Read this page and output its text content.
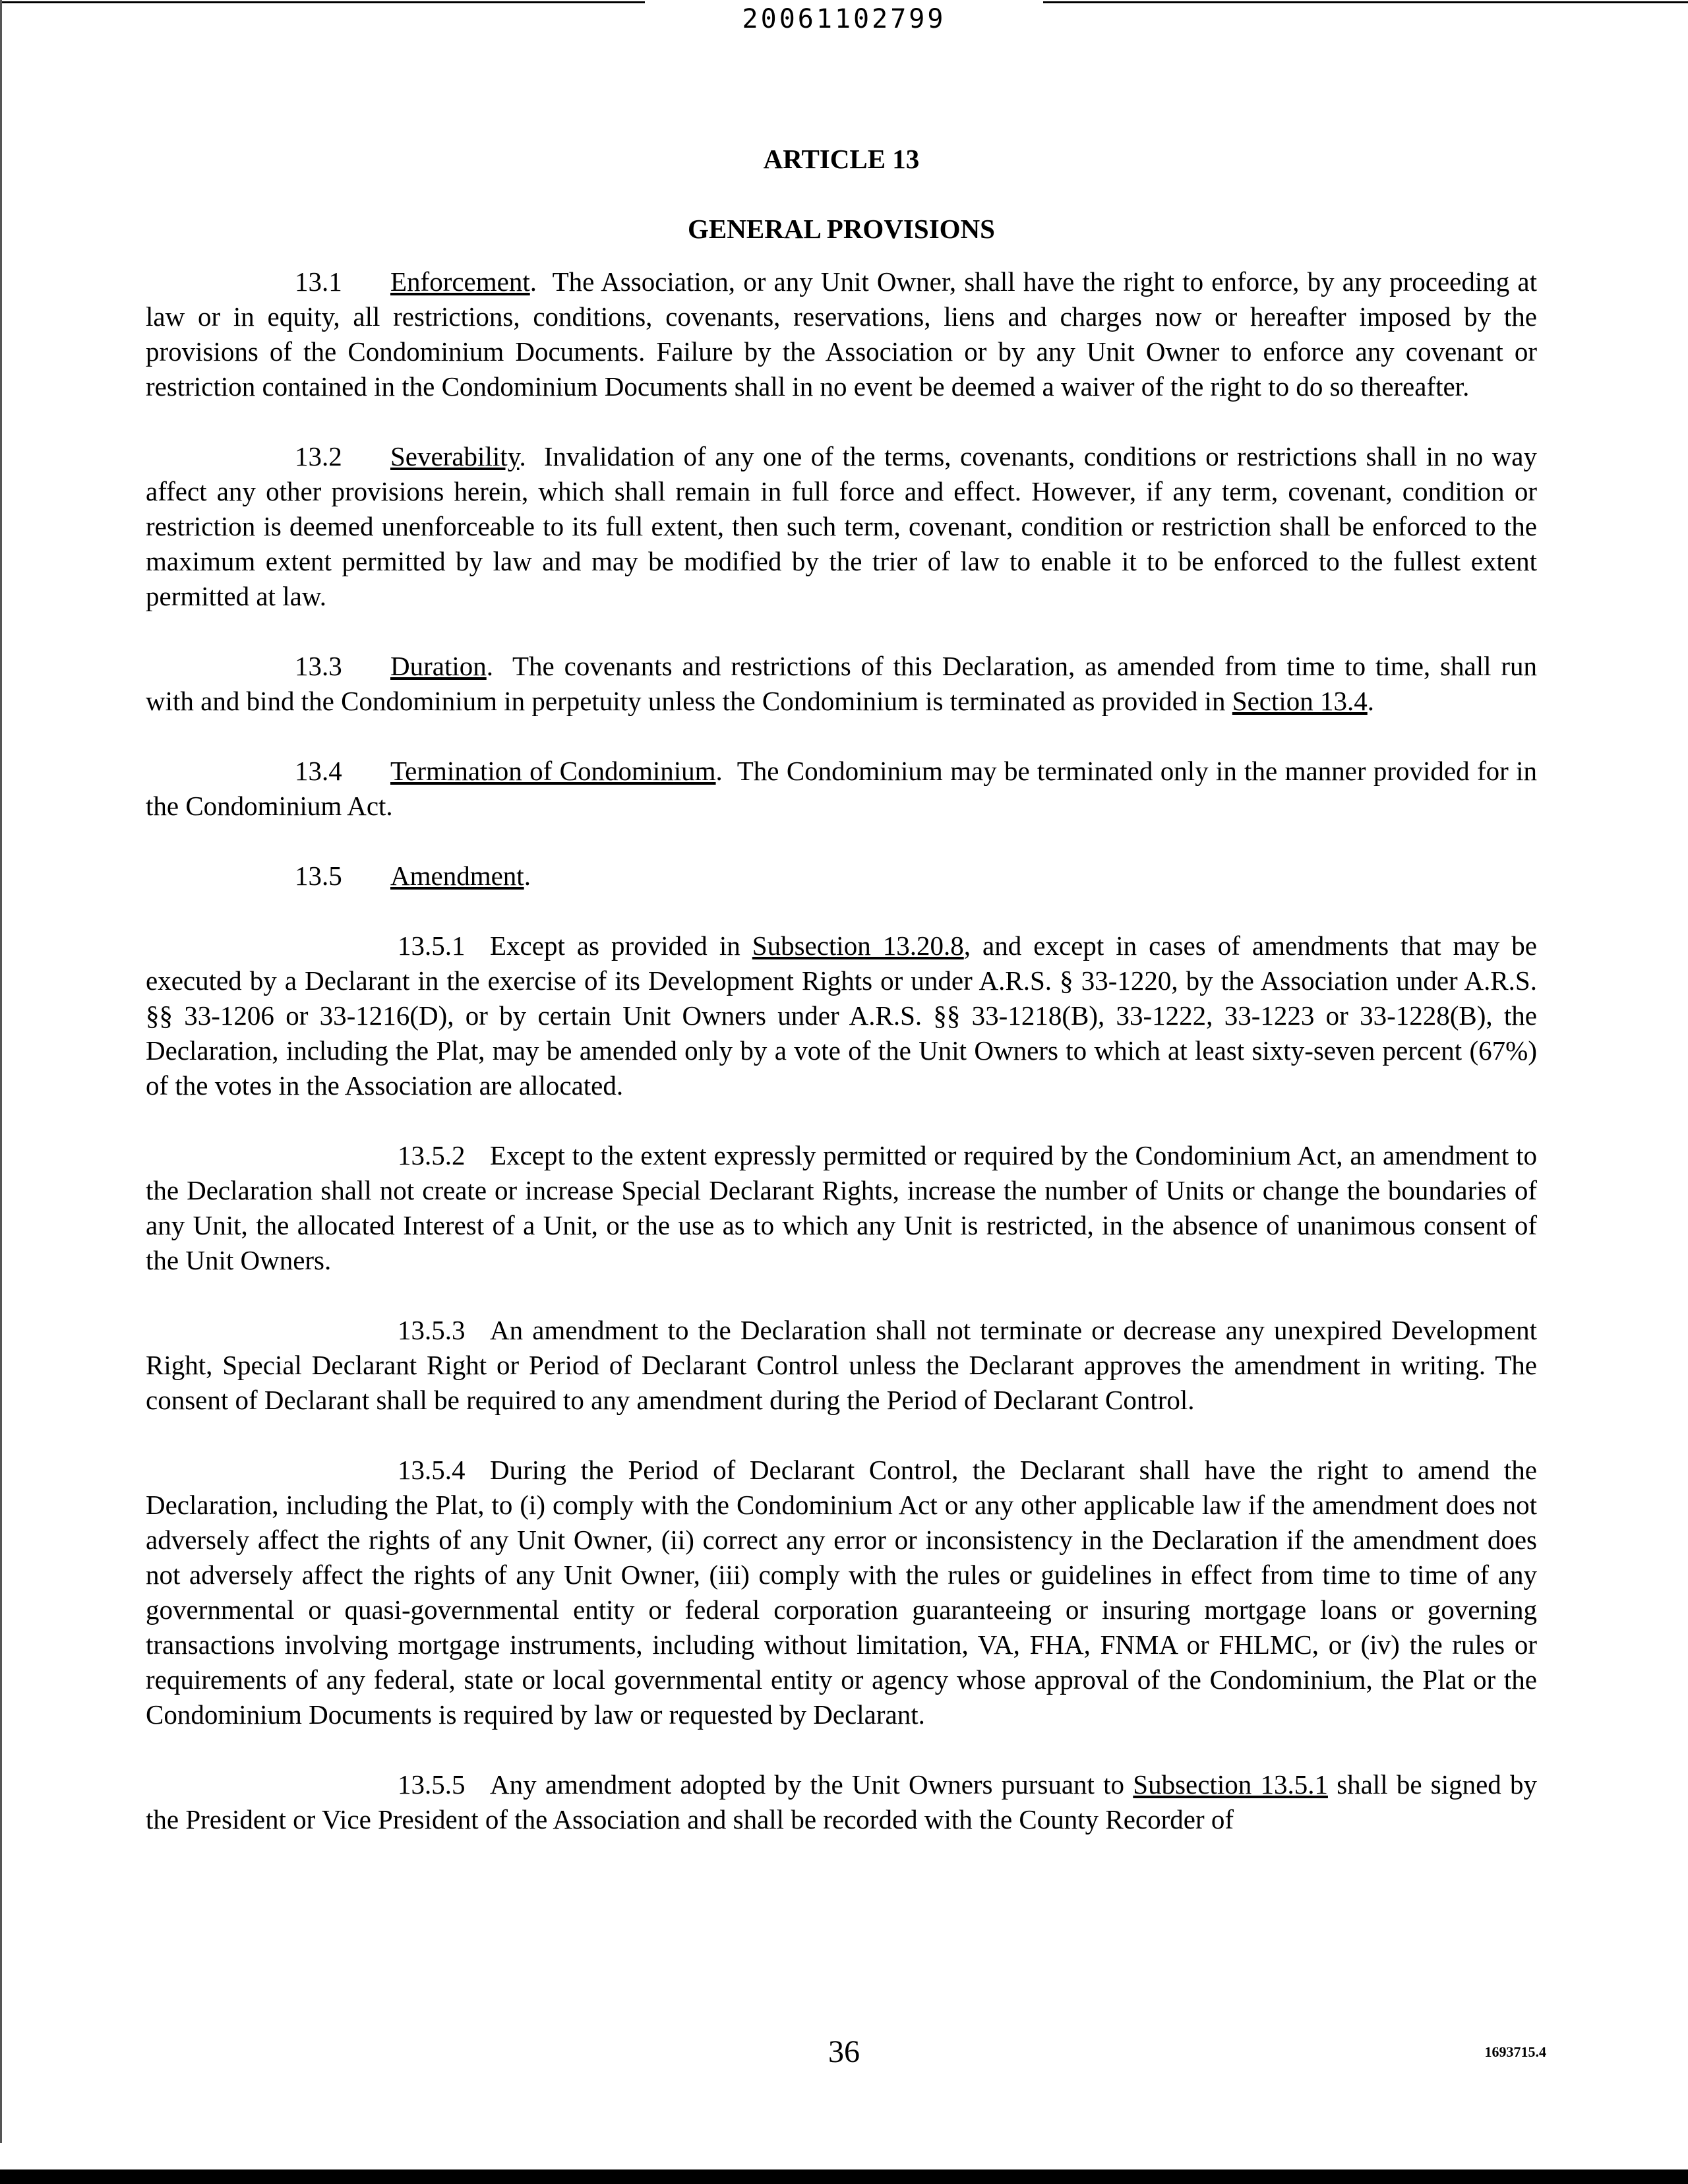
20061102799

ARTICLE 13

GENERAL PROVISIONS

13.1 Enforcement.  The Association, or any Unit Owner, shall have the right to enforce, by any proceeding at law or in equity, all restrictions, conditions, covenants, reservations, liens and charges now or hereafter imposed by the provisions of the Condominium Documents. Failure by the Association or by any Unit Owner to enforce any covenant or restriction contained in the Condominium Documents shall in no event be deemed a waiver of the right to do so thereafter.

13.2 Severability.  Invalidation of any one of the terms, covenants, conditions or restrictions shall in no way affect any other provisions herein, which shall remain in full force and effect. However, if any term, covenant, condition or restriction is deemed unenforceable to its full extent, then such term, covenant, condition or restriction shall be enforced to the maximum extent permitted by law and may be modified by the trier of law to enable it to be enforced to the fullest extent permitted at law.

13.3 Duration.  The covenants and restrictions of this Declaration, as amended from time to time, shall run with and bind the Condominium in perpetuity unless the Condominium is terminated as provided in Section 13.4.

13.4 Termination of Condominium.  The Condominium may be terminated only in the manner provided for in the Condominium Act.

13.5 Amendment.

13.5.1 Except as provided in Subsection 13.20.8, and except in cases of amendments that may be executed by a Declarant in the exercise of its Development Rights or under A.R.S. § 33-1220, by the Association under A.R.S. §§ 33-1206 or 33-1216(D), or by certain Unit Owners under A.R.S. §§ 33-1218(B), 33-1222, 33-1223 or 33-1228(B), the Declaration, including the Plat, may be amended only by a vote of the Unit Owners to which at least sixty-seven percent (67%) of the votes in the Association are allocated.

13.5.2 Except to the extent expressly permitted or required by the Condominium Act, an amendment to the Declaration shall not create or increase Special Declarant Rights, increase the number of Units or change the boundaries of any Unit, the allocated Interest of a Unit, or the use as to which any Unit is restricted, in the absence of unanimous consent of the Unit Owners.

13.5.3 An amendment to the Declaration shall not terminate or decrease any unexpired Development Right, Special Declarant Right or Period of Declarant Control unless the Declarant approves the amendment in writing. The consent of Declarant shall be required to any amendment during the Period of Declarant Control.

13.5.4 During the Period of Declarant Control, the Declarant shall have the right to amend the Declaration, including the Plat, to (i) comply with the Condominium Act or any other applicable law if the amendment does not adversely affect the rights of any Unit Owner, (ii) correct any error or inconsistency in the Declaration if the amendment does not adversely affect the rights of any Unit Owner, (iii) comply with the rules or guidelines in effect from time to time of any governmental or quasi-governmental entity or federal corporation guaranteeing or insuring mortgage loans or governing transactions involving mortgage instruments, including without limitation, VA, FHA, FNMA or FHLMC, or (iv) the rules or requirements of any federal, state or local governmental entity or agency whose approval of the Condominium, the Plat or the Condominium Documents is required by law or requested by Declarant.

13.5.5 Any amendment adopted by the Unit Owners pursuant to Subsection 13.5.1 shall be signed by the President or Vice President of the Association and shall be recorded with the County Recorder of

36	1693715.4
